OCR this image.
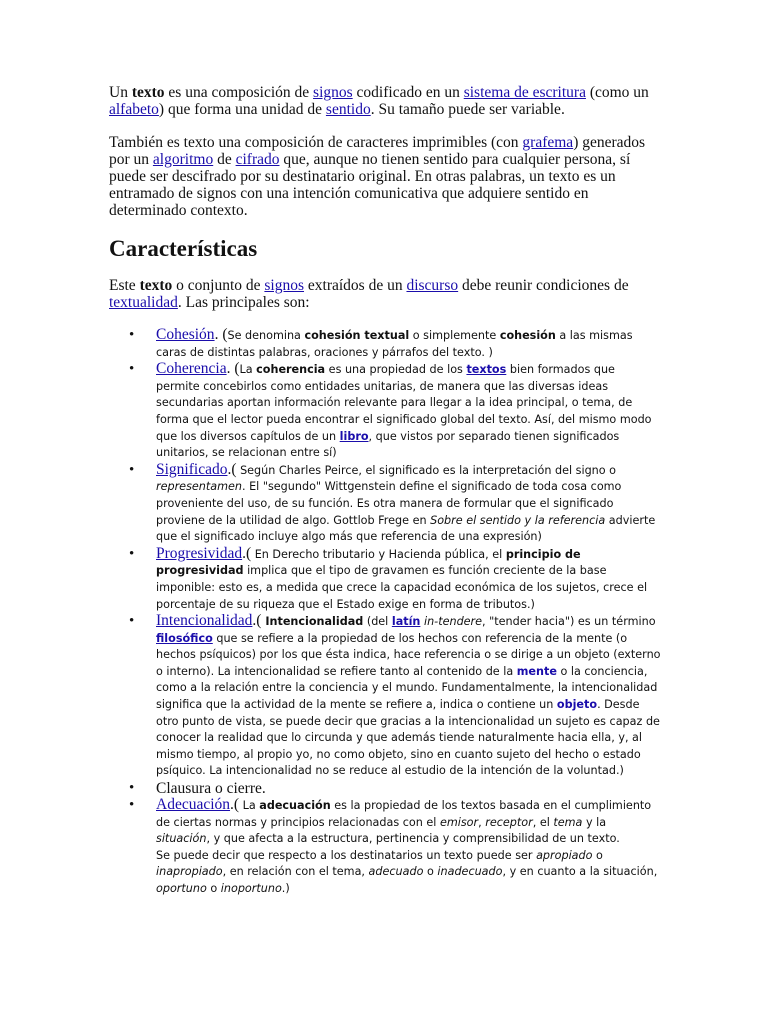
Un texto es una composición de signos codificado en un sistema de escritura (como un alfabeto) que forma una unidad de sentido. Su tamaño puede ser variable.

También es texto una composición de caracteres imprimibles (con grafema) generados por un algoritmo de cifrado que, aunque no tienen sentido para cualquier persona, sí puede ser descifrado por su destinatario original. En otras palabras, un texto es un entramado de signos con una intención comunicativa que adquiere sentido en determinado contexto.

Características

Este texto o conjunto de signos extraídos de un discurso debe reunir condiciones de textualidad. Las principales son:

• Cohesión. (Se denomina cohesión textual o simplemente cohesión a las mismas caras de distintas palabras, oraciones y párrafos del texto. )
• Coherencia. (La coherencia es una propiedad de los textos bien formados que permite concebirlos como entidades unitarias, de manera que las diversas ideas secundarias aportan información relevante para llegar a la idea principal, o tema, de forma que el lector pueda encontrar el significado global del texto. Así, del mismo modo que los diversos capítulos de un libro, que vistos por separado tienen significados unitarios, se relacionan entre sí)
• Significado.( Según Charles Peirce, el significado es la interpretación del signo o representamen. El "segundo" Wittgenstein define el significado de toda cosa como proveniente del uso, de su función. Es otra manera de formular que el significado proviene de la utilidad de algo. Gottlob Frege en Sobre el sentido y la referencia advierte que el significado incluye algo más que referencia de una expresión)
• Progresividad.( En Derecho tributario y Hacienda pública, el principio de progresividad implica que el tipo de gravamen es función creciente de la base imponible: esto es, a medida que crece la capacidad económica de los sujetos, crece el porcentaje de su riqueza que el Estado exige en forma de tributos.)
• Intencionalidad.( Intencionalidad (del latín in-tendere, "tender hacia") es un término filosófico que se refiere a la propiedad de los hechos con referencia de la mente (o hechos psíquicos) por los que ésta indica, hace referencia o se dirige a un objeto (externo o interno). La intencionalidad se refiere tanto al contenido de la mente o la conciencia, como a la relación entre la conciencia y el mundo. Fundamentalmente, la intencionalidad significa que la actividad de la mente se refiere a, indica o contiene un objeto. Desde otro punto de vista, se puede decir que gracias a la intencionalidad un sujeto es capaz de conocer la realidad que lo circunda y que además tiende naturalmente hacia ella, y, al mismo tiempo, al propio yo, no como objeto, sino en cuanto sujeto del hecho o estado psíquico. La intencionalidad no se reduce al estudio de la intención de la voluntad.)
• Clausura o cierre.
• Adecuación.( La adecuación es la propiedad de los textos basada en el cumplimiento de ciertas normas y principios relacionadas con el emisor, receptor, el tema y la situación, y que afecta a la estructura, pertinencia y comprensibilidad de un texto.
Se puede decir que respecto a los destinatarios un texto puede ser apropiado o inapropiado, en relación con el tema, adecuado o inadecuado, y en cuanto a la situación, oportuno o inoportuno.)
